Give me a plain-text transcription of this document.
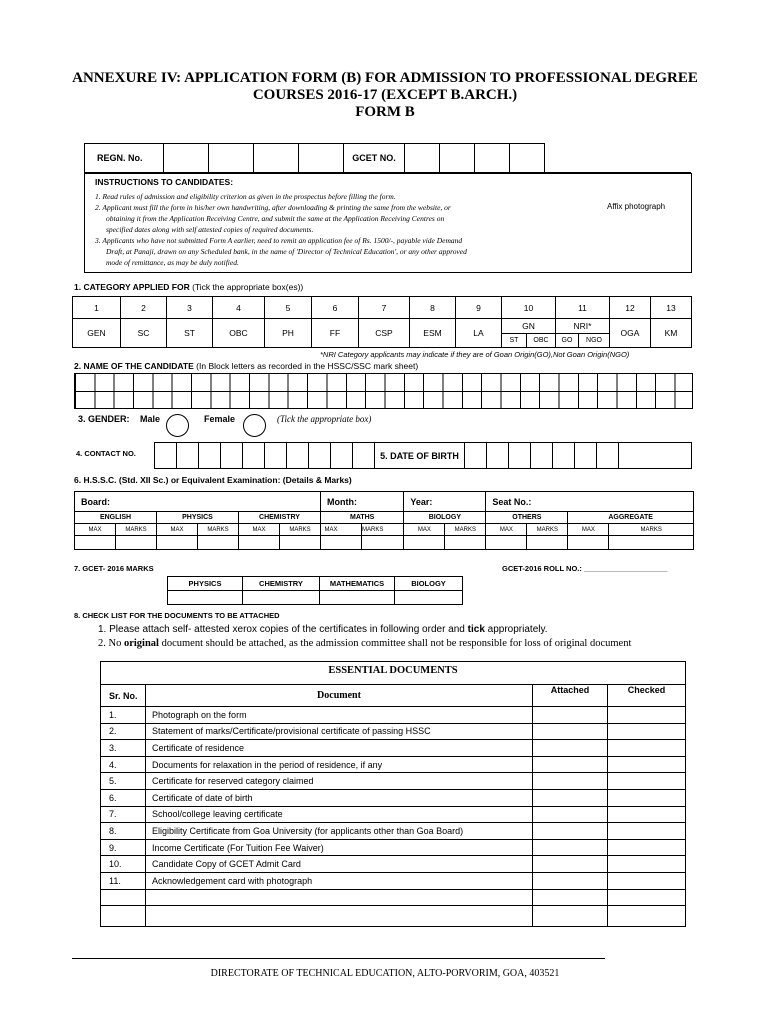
ANNEXURE IV: APPLICATION FORM (B) FOR ADMISSION TO PROFESSIONAL DEGREE
COURSES 2016-17 (EXCEPT B.ARCH.)
FORM B
REGN. No.					GCET NO.					
INSTRUCTIONS TO CANDIDATES:
1. Read rules of admission and eligibility criterion as given in the prospectus before filling the form.
2. Applicant must fill the form in his/her own handwriting, after downloading & printing the same from the website, or
obtaining it from the Application Receiving Centre, and submit the same at the Application Receiving Centres on
specified dates along with self attested copies of required documents.
3. Applicants who have not submitted Form A earlier, need to remit an application fee of Rs. 1500/-, payable vide Demand
Draft, at Panaji, drawn on any Scheduled bank, in the name of 'Director of Technical Education', or any other approved
mode of remittance, as may be duly notified.
Affix photograph
1. CATEGORY APPLIED FOR (Tick the appropriate box(es))
1	2	3	4	5	6	7	8	9	10		11		12	13
GEN	SC	ST	OBC	PH	FF	CSP	ESM	LA	GN		NRI*		OGA	KM
									ST	OBC	GO	NGO		
*NRI Category applicants may indicate if they are of Goan Origin(GO),Not Goan Origin(NGO)
2. NAME OF THE CANDIDATE (In Block letters as recorded in the HSSC/SSC mark sheet)
3. GENDER: Male	Female	(Tick the appropriate box)
4. CONTACT NO.
											5. DATE OF BIRTH								
6. H.S.S.C. (Std. XII Sc.) or Equivalent Examination: (Details & Marks)
Board:						Month:				Year:		Seat No.:			
ENGLISH		PHYSICS		CHEMISTRY		MATHS				BIOLOGY		OTHERS		AGGREGATE	
MAX	MARKS	MAX	MARKS	MAX	MARKS	MAX		MARKS		MAX	MARKS	MAX	MARKS	MAX	MARKS

7. GCET- 2016 MARKS	GCET-2016 ROLL NO.: ____________________
PHYSICS	CHEMISTRY	MATHEMATICS	BIOLOGY

8. CHECK LIST FOR THE DOCUMENTS TO BE ATTACHED
1. Please attach self- attested xerox copies of the certificates in following order and tick appropriately.
2. No original document should be attached, as the admission committee shall not be responsible for loss of original document
ESSENTIAL DOCUMENTS			
Sr. No.	Document	Attached	Checked
1.	Photograph on the form		
2.	Statement of marks/Certificate/provisional certificate of passing HSSC		
3.	Certificate of residence		
4.	Documents for relaxation in the period of residence, if any		
5.	Certificate for reserved category claimed		
6.	Certificate of date of birth		
7.	School/college leaving certificate		
8.	Eligibility Certificate from Goa University (for applicants other than Goa Board)		
9.	Income Certificate (For Tuition Fee Waiver)		
10.	Candidate Copy of GCET Admit Card		
11.	Acknowledgement card with photograph		

DIRECTORATE OF TECHNICAL EDUCATION, ALTO-PORVORIM, GOA, 403521
